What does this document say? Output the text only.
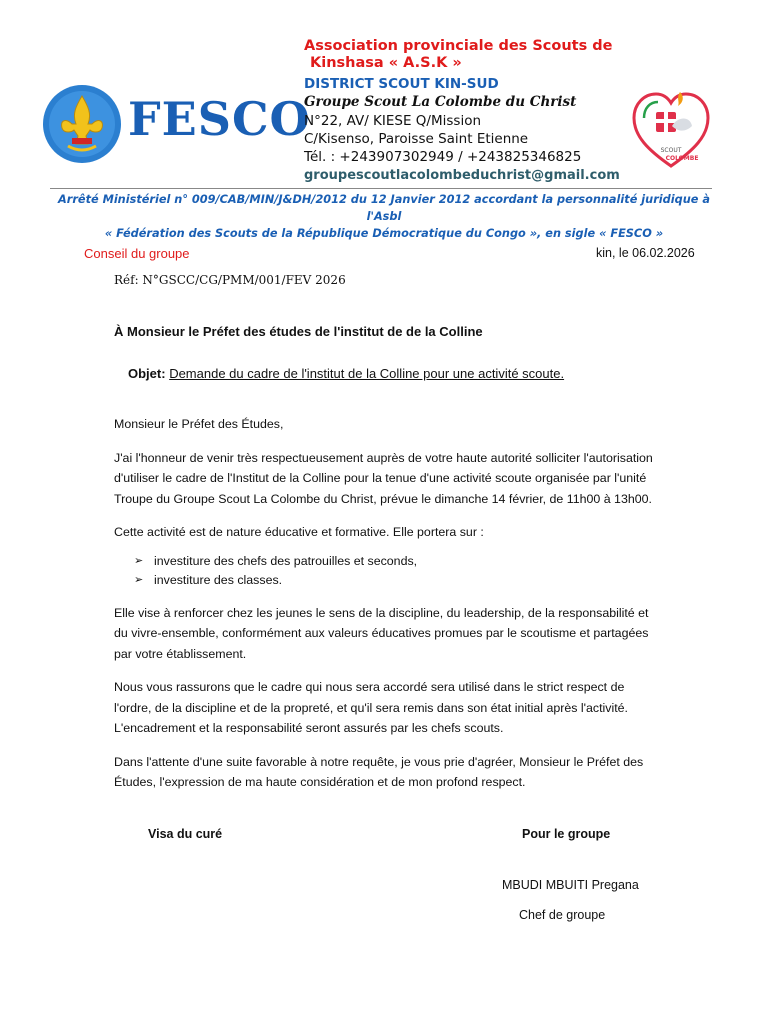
FESCO
Association provinciale des Scouts de
Kinshasa « A.S.K »
DISTRICT SCOUT KIN-SUD
Groupe Scout La Colombe du Christ
N°22, AV/ KIESE Q/Mission
C/Kisenso, Paroisse Saint Etienne
Tél. : +243907302949 / +243825346825
groupescoutlacolombeduchrist@gmail.com
SCOUT
COLOMBE
Arrêté Ministériel n° 009/CAB/MIN/J&DH/2012 du 12 Janvier 2012 accordant la personnalité juridique à l'Asbl
« Fédération des Scouts de la République Démocratique du Congo », en sigle « FESCO »
Conseil du groupe	kin, le 06.02.2026
Réf: N°GSCC/CG/PMM/001/FEV 2026
À Monsieur le Préfet des études de l'institut de de la Colline
Objet: Demande du cadre de l'institut de la Colline pour une activité scoute.

Monsieur le Préfet des Études,

J'ai l'honneur de venir très respectueusement auprès de votre haute autorité solliciter l'autorisation d'utiliser le cadre de l'Institut de la Colline pour la tenue d'une activité scoute organisée par l'unité Troupe du Groupe Scout La Colombe du Christ, prévue le dimanche 14 février, de 11h00 à 13h00.

Cette activité est de nature éducative et formative. Elle portera sur :

➢ investiture des chefs des patrouilles et seconds,
➢ investiture des classes.

Elle vise à renforcer chez les jeunes le sens de la discipline, du leadership, de la responsabilité et du vivre-ensemble, conformément aux valeurs éducatives promues par le scoutisme et partagées par votre établissement.

Nous vous rassurons que le cadre qui nous sera accordé sera utilisé dans le strict respect de l'ordre, de la discipline et de la propreté, et qu'il sera remis dans son état initial après l'activité. L'encadrement et la responsabilité seront assurés par les chefs scouts.

Dans l'attente d'une suite favorable à notre requête, je vous prie d'agréer, Monsieur le Préfet des Études, l'expression de ma haute considération et de mon profond respect.

Visa du curé	Pour le groupe
MBUDI MBUITI Pregana
Chef de groupe
